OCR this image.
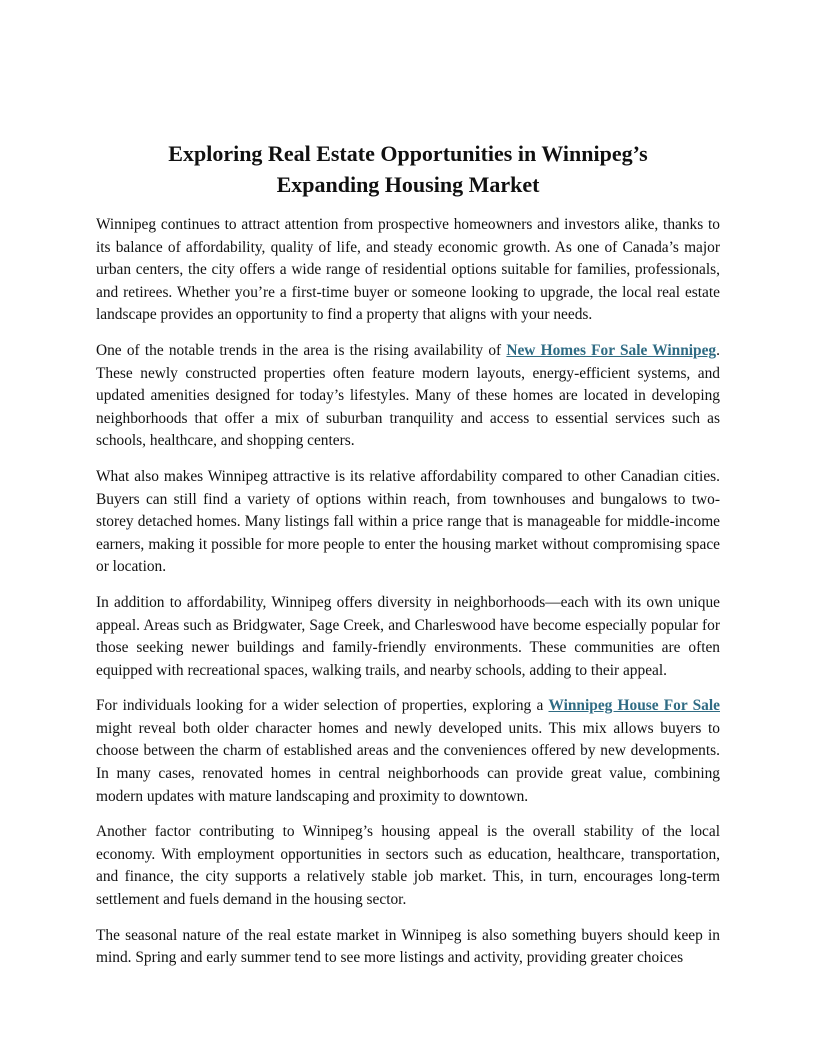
Exploring Real Estate Opportunities in Winnipeg’s
Expanding Housing Market

Winnipeg continues to attract attention from prospective homeowners and investors alike, thanks to its balance of affordability, quality of life, and steady economic growth. As one of Canada’s major urban centers, the city offers a wide range of residential options suitable for families, professionals, and retirees. Whether you’re a first-time buyer or someone looking to upgrade, the local real estate landscape provides an opportunity to find a property that aligns with your needs.

One of the notable trends in the area is the rising availability of New Homes For Sale Winnipeg. These newly constructed properties often feature modern layouts, energy-efficient systems, and updated amenities designed for today’s lifestyles. Many of these homes are located in developing neighborhoods that offer a mix of suburban tranquility and access to essential services such as schools, healthcare, and shopping centers.

What also makes Winnipeg attractive is its relative affordability compared to other Canadian cities. Buyers can still find a variety of options within reach, from townhouses and bungalows to two-storey detached homes. Many listings fall within a price range that is manageable for middle-income earners, making it possible for more people to enter the housing market without compromising space or location.

In addition to affordability, Winnipeg offers diversity in neighborhoods—each with its own unique appeal. Areas such as Bridgwater, Sage Creek, and Charleswood have become especially popular for those seeking newer buildings and family-friendly environments. These communities are often equipped with recreational spaces, walking trails, and nearby schools, adding to their appeal.

For individuals looking for a wider selection of properties, exploring a Winnipeg House For Sale might reveal both older character homes and newly developed units. This mix allows buyers to choose between the charm of established areas and the conveniences offered by new developments. In many cases, renovated homes in central neighborhoods can provide great value, combining modern updates with mature landscaping and proximity to downtown.

Another factor contributing to Winnipeg’s housing appeal is the overall stability of the local economy. With employment opportunities in sectors such as education, healthcare, transportation, and finance, the city supports a relatively stable job market. This, in turn, encourages long-term settlement and fuels demand in the housing sector.

The seasonal nature of the real estate market in Winnipeg is also something buyers should keep in mind. Spring and early summer tend to see more listings and activity, providing greater choices
